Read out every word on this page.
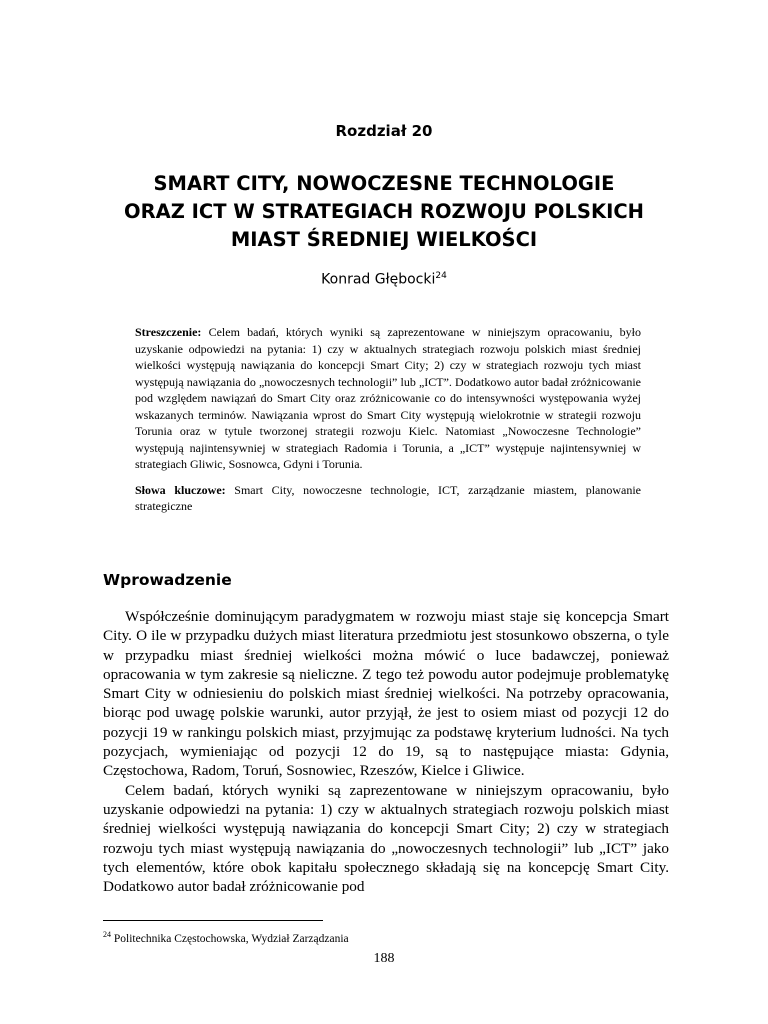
Rozdział 20
SMART CITY, NOWOCZESNE TECHNOLOGIE
ORAZ ICT W STRATEGIACH ROZWOJU POLSKICH
MIAST ŚREDNIEJ WIELKOŚCI
Konrad Głębocki$^{24}$

Streszczenie: Celem badań, których wyniki są zaprezentowane w niniejszym opracowaniu, było uzyskanie odpowiedzi na pytania: 1) czy w aktualnych strategiach rozwoju polskich miast średniej wielkości występują nawiązania do koncepcji Smart City; 2) czy w strategiach rozwoju tych miast występują nawiązania do „nowoczesnych technologii” lub „ICT”. Dodatkowo autor badał zróżnicowanie pod względem nawiązań do Smart City oraz zróżnicowanie co do intensywności występowania wyżej wskazanych terminów. Nawiązania wprost do Smart City występują wielokrotnie w strategii rozwoju Torunia oraz w tytule tworzonej strategii rozwoju Kielc. Natomiast „Nowoczesne Technologie” występują najintensywniej w strategiach Radomia i Torunia, a „ICT” występuje najintensywniej w strategiach Gliwic, Sosnowca, Gdyni i Torunia.

Słowa kluczowe: Smart City, nowoczesne technologie, ICT, zarządzanie miastem, planowanie strategiczne

Wprowadzenie

Współcześnie dominującym paradygmatem w rozwoju miast staje się koncepcja Smart City. O ile w przypadku dużych miast literatura przedmiotu jest stosunkowo obszerna, o tyle w przypadku miast średniej wielkości można mówić o luce badawczej, ponieważ opracowania w tym zakresie są nieliczne. Z tego też powodu autor podejmuje problematykę Smart City w odniesieniu do polskich miast średniej wielkości. Na potrzeby opracowania, biorąc pod uwagę polskie warunki, autor przyjął, że jest to osiem miast od pozycji 12 do pozycji 19 w rankingu polskich miast, przyjmując za podstawę kryterium ludności. Na tych pozycjach, wymieniając od pozycji 12 do 19, są to następujące miasta: Gdynia, Częstochowa, Radom, Toruń, Sosnowiec, Rzeszów, Kielce i Gliwice.

Celem badań, których wyniki są zaprezentowane w niniejszym opracowaniu, było uzyskanie odpowiedzi na pytania: 1) czy w aktualnych strategiach rozwoju polskich miast średniej wielkości występują nawiązania do koncepcji Smart City; 2) czy w strategiach rozwoju tych miast występują nawiązania do „nowoczesnych technologii” lub „ICT” jako tych elementów, które obok kapitału społecznego składają się na koncepcję Smart City. Dodatkowo autor badał zróżnicowanie pod

$^{24}$ Politechnika Częstochowska, Wydział Zarządzania
188
